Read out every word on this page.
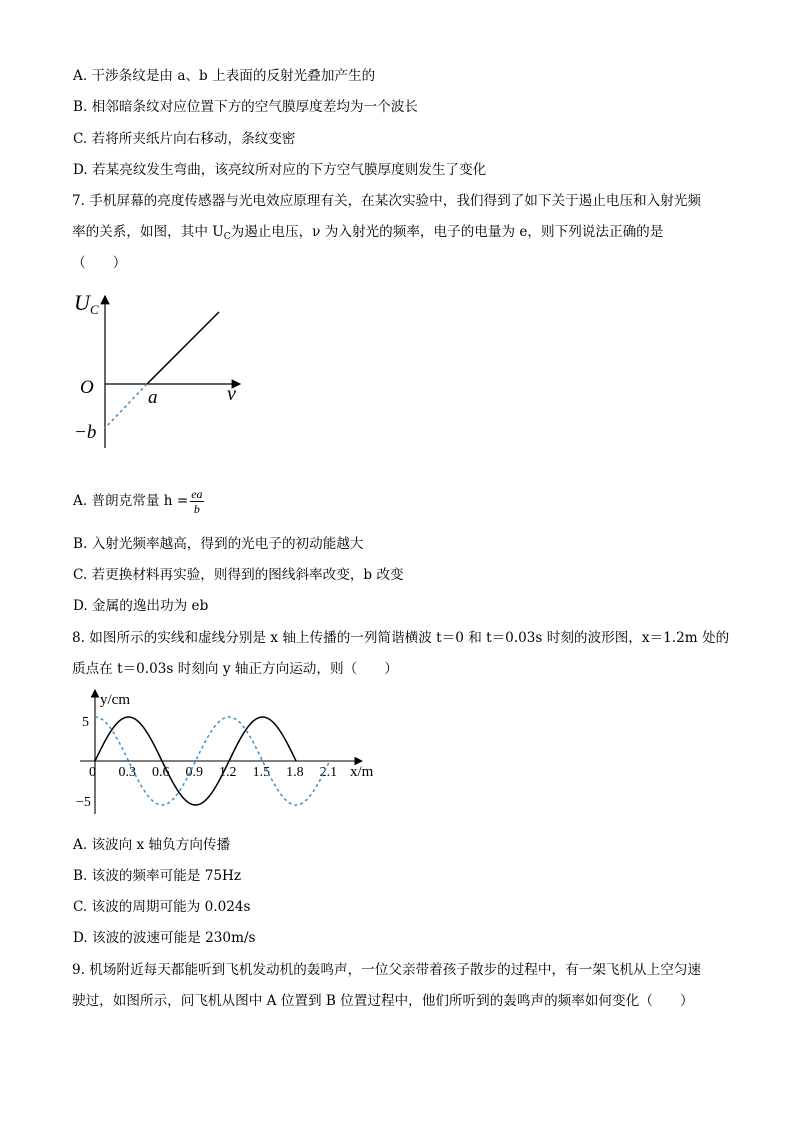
A. 干涉条纹是由 a、b 上表面的反射光叠加产生的
B. 相邻暗条纹对应位置下方的空气膜厚度差均为一个波长
C. 若将所夹纸片向右移动，条纹变密
D. 若某亮纹发生弯曲，该亮纹所对应的下方空气膜厚度则发生了变化
7. 手机屏幕的亮度传感器与光电效应原理有关，在某次实验中，我们得到了如下关于遏止电压和入射光频
率的关系，如图，其中 $U_C$为遏止电压，ν 为入射光的频率，电子的电量为 e，则下列说法正确的是
（　　）
U C
O	a	ν
−b
A. 普朗克常量 $h = \frac{ea}{b}$
B. 入射光频率越高，得到的光电子的初动能越大
C. 若更换材料再实验，则得到的图线斜率改变，b 改变
D. 金属的逸出功为 eb
8. 如图所示的实线和虚线分别是 x 轴上传播的一列简谐横波 t＝0 和 t＝0.03s 时刻的波形图，x＝1.2m 处的
质点在 t＝0.03s 时刻向 y 轴正方向运动，则（　　）
y/cm
x/m
5
−5
0 0.3 0.6 0.9 1.2 1.5 1.8 2.1
A. 该波向 x 轴负方向传播
B. 该波的频率可能是 75Hz
C. 该波的周期可能为 0.024s
D. 该波的波速可能是 230m/s
9. 机场附近每天都能听到飞机发动机的轰鸣声，一位父亲带着孩子散步的过程中，有一架飞机从上空匀速
驶过，如图所示，问飞机从图中 A 位置到 B 位置过程中，他们所听到的轰鸣声的频率如何变化（　　）
